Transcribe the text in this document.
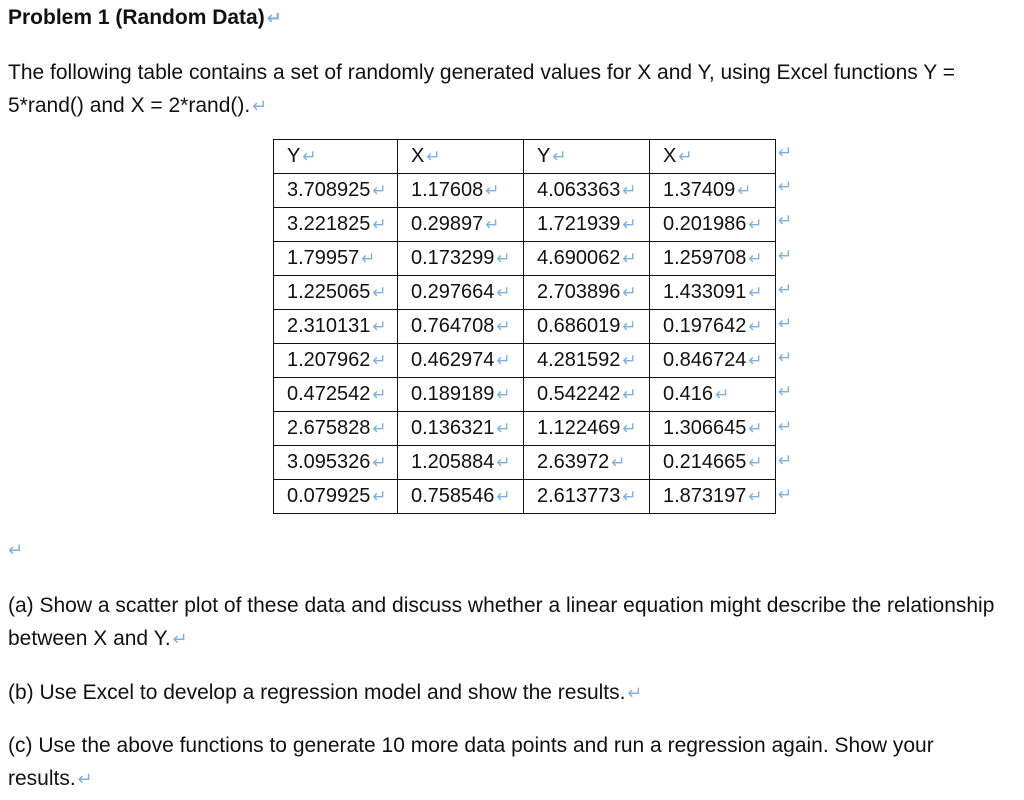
Problem 1 (Random Data) ↵
The following table contains a set of randomly generated values for X and Y, using Excel functions Y = 5*rand() and X = 2*rand(). ↵
Y ↵	X ↵	Y ↵	X ↵
3.708925 ↵	1.17608 ↵	4.063363 ↵	1.37409 ↵
3.221825 ↵	0.29897 ↵	1.721939 ↵	0.201986 ↵
1.79957 ↵	0.173299 ↵	4.690062 ↵	1.259708 ↵
1.225065 ↵	0.297664 ↵	2.703896 ↵	1.433091 ↵
2.310131 ↵	0.764708 ↵	0.686019 ↵	0.197642 ↵
1.207962 ↵	0.462974 ↵	4.281592 ↵	0.846724 ↵
0.472542 ↵	0.189189 ↵	0.542242 ↵	0.416 ↵
2.675828 ↵	0.136321 ↵	1.122469 ↵	1.306645 ↵
3.095326 ↵	1.205884 ↵	2.63972 ↵	0.214665 ↵
0.079925 ↵	0.758546 ↵	2.613773 ↵	1.873197 ↵
↵
↵
↵
↵
↵
↵
↵
↵
↵
↵
↵
↵
(a) Show a scatter plot of these data and discuss whether a linear equation might describe the relationship between X and Y. ↵
(b) Use Excel to develop a regression model and show the results. ↵
(c) Use the above functions to generate 10 more data points and run a regression again. Show your results. ↵
